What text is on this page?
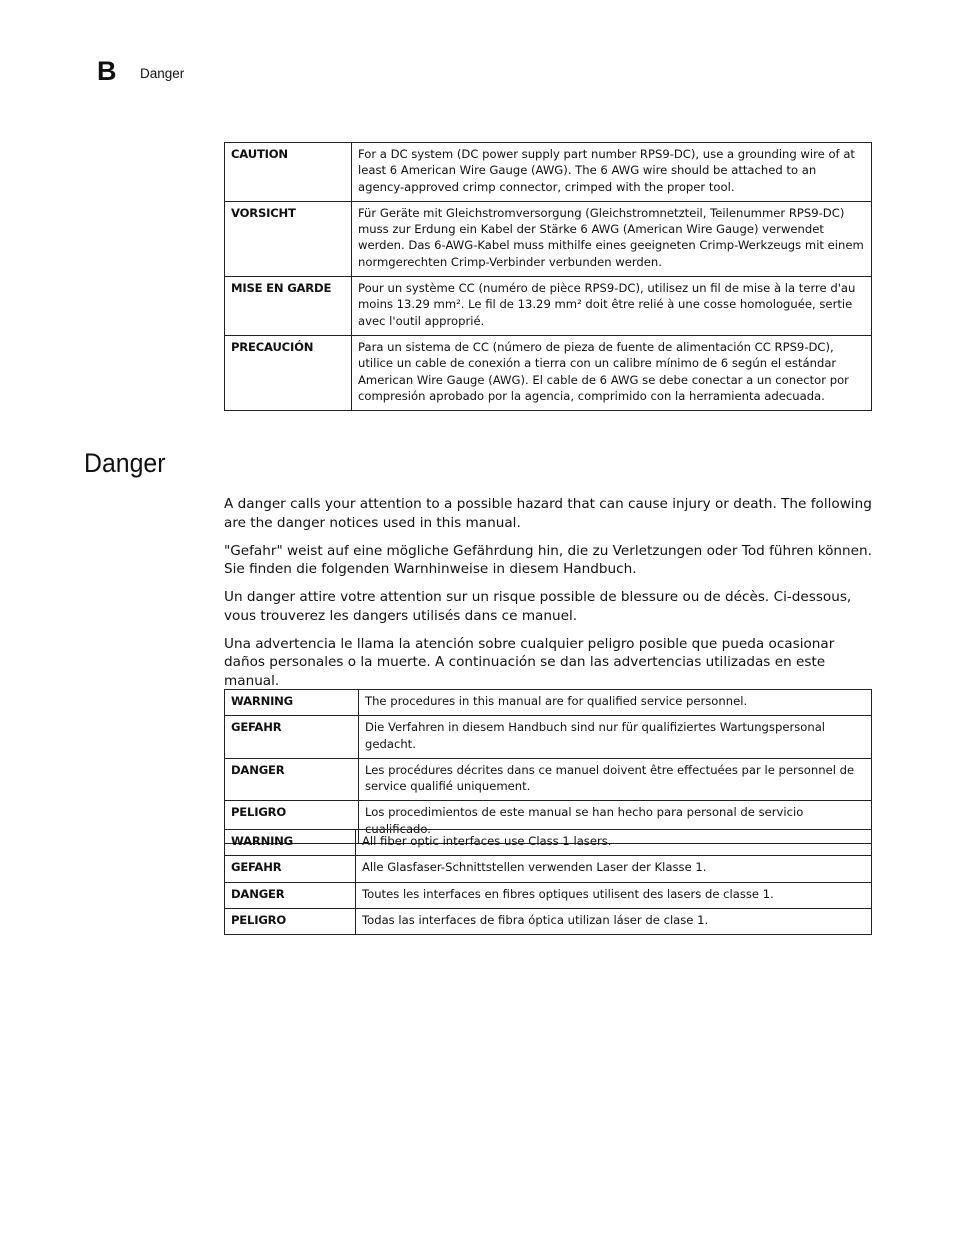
B Danger
CAUTION	For a DC system (DC power supply part number RPS9-DC), use a grounding wire of at least 6 American Wire Gauge (AWG). The 6 AWG wire should be attached to an agency-approved crimp connector, crimped with the proper tool.
VORSICHT	Für Geräte mit Gleichstromversorgung (Gleichstromnetzteil, Teilenummer RPS9-DC) muss zur Erdung ein Kabel der Stärke 6 AWG (American Wire Gauge) verwendet werden. Das 6-AWG-Kabel muss mithilfe eines geeigneten Crimp-Werkzeugs mit einem normgerechten Crimp-Verbinder verbunden werden.
MISE EN GARDE	Pour un système CC (numéro de pièce RPS9-DC), utilisez un fil de mise à la terre d'au moins 13.29 mm². Le fil de 13.29 mm² doit être relié à une cosse homologuée, sertie avec l'outil approprié.
PRECAUCIÓN	Para un sistema de CC (número de pieza de fuente de alimentación CC RPS9-DC), utilice un cable de conexión a tierra con un calibre mínimo de 6 según el estándar American Wire Gauge (AWG). El cable de 6 AWG se debe conectar a un conector por compresión aprobado por la agencia, comprimido con la herramienta adecuada.
Danger

A danger calls your attention to a possible hazard that can cause injury or death. The following are the danger notices used in this manual.

"Gefahr" weist auf eine mögliche Gefährdung hin, die zu Verletzungen oder Tod führen können. Sie finden die folgenden Warnhinweise in diesem Handbuch.

Un danger attire votre attention sur un risque possible de blessure ou de décès. Ci-dessous, vous trouverez les dangers utilisés dans ce manuel.

Una advertencia le llama la atención sobre cualquier peligro posible que pueda ocasionar daños personales o la muerte. A continuación se dan las advertencias utilizadas en este manual.

WARNING	The procedures in this manual are for qualified service personnel.
GEFAHR	Die Verfahren in diesem Handbuch sind nur für qualifiziertes Wartungspersonal gedacht.
DANGER	Les procédures décrites dans ce manuel doivent être effectuées par le personnel de service qualifié uniquement.
PELIGRO	Los procedimientos de este manual se han hecho para personal de servicio cualificado.
WARNING	All fiber optic interfaces use Class 1 lasers.
GEFAHR	Alle Glasfaser-Schnittstellen verwenden Laser der Klasse 1.
DANGER	Toutes les interfaces en fibres optiques utilisent des lasers de classe 1.
PELIGRO	Todas las interfaces de fibra óptica utilizan láser de clase 1.
